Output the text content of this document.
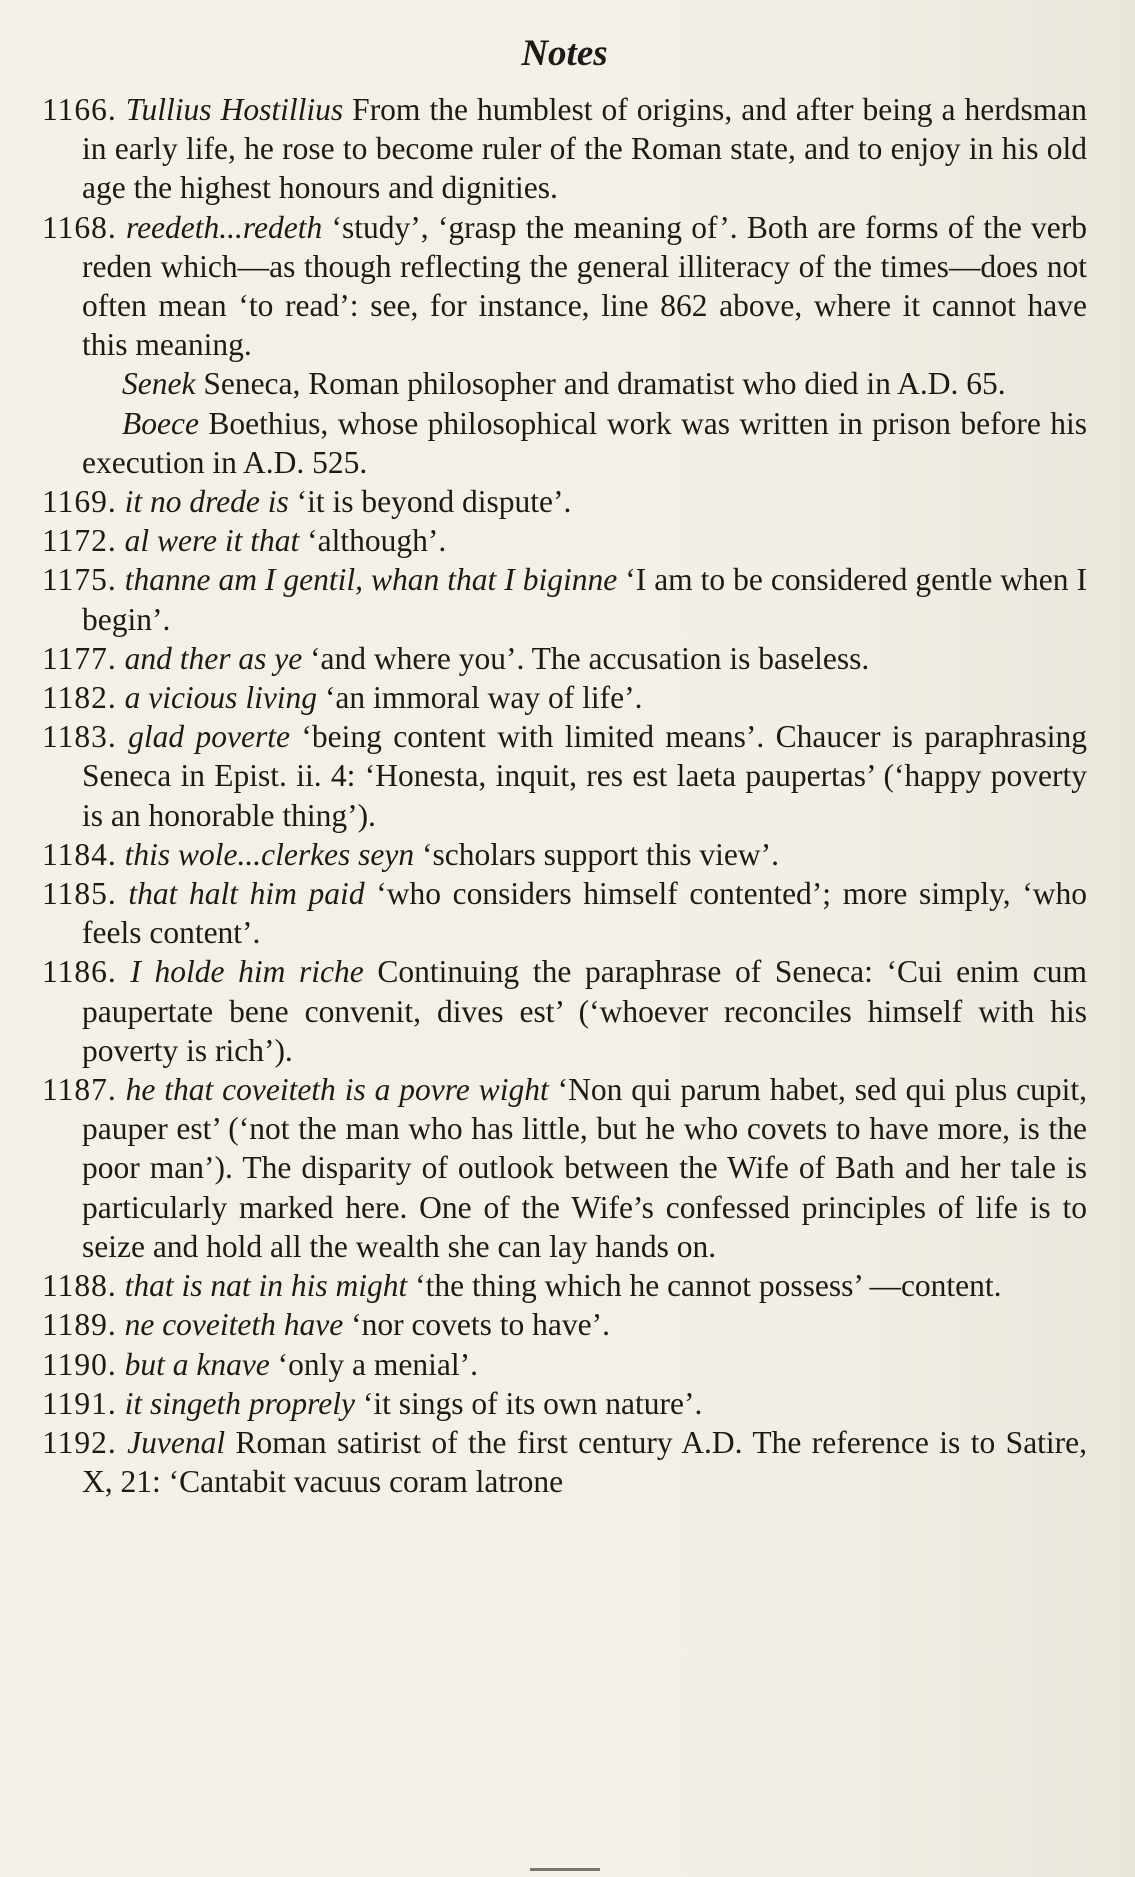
Notes

1166. Tullius Hostillius From the humblest of origins, and after being a herdsman in early life, he rose to become ruler of the Roman state, and to enjoy in his old age the highest honours and dignities.

1168. reedeth...redeth ‘study’, ‘grasp the meaning of’. Both are forms of the verb reden which—as though reflecting the general illiteracy of the times—does not often mean ‘to read’: see, for instance, line 862 above, where it cannot have this meaning.

Senek Seneca, Roman philosopher and dramatist who died in A.D. 65.

Boece Boethius, whose philosophical work was written in prison before his execution in A.D. 525.

1169. it no drede is ‘it is beyond dispute’.

1172. al were it that ‘although’.

1175. thanne am I gentil, whan that I biginne ‘I am to be considered gentle when I begin’.

1177. and ther as ye ‘and where you’. The accusation is baseless.

1182. a vicious living ‘an immoral way of life’.

1183. glad poverte ‘being content with limited means’. Chaucer is paraphrasing Seneca in Epist. ii. 4: ‘Honesta, inquit, res est laeta paupertas’ (‘happy poverty is an honorable thing’).

1184. this wole...clerkes seyn ‘scholars support this view’.

1185. that halt him paid ‘who considers himself contented’; more simply, ‘who feels content’.

1186. I holde him riche Continuing the paraphrase of Seneca: ‘Cui enim cum paupertate bene convenit, dives est’ (‘whoever reconciles himself with his poverty is rich’).

1187. he that coveiteth is a povre wight ‘Non qui parum habet, sed qui plus cupit, pauper est’ (‘not the man who has little, but he who covets to have more, is the poor man’). The disparity of outlook between the Wife of Bath and her tale is particularly marked here. One of the Wife’s confessed principles of life is to seize and hold all the wealth she can lay hands on.

1188. that is nat in his might ‘the thing which he cannot possess’ —content.

1189. ne coveiteth have ‘nor covets to have’.

1190. but a knave ‘only a menial’.

1191. it singeth proprely ‘it sings of its own nature’.

1192. Juvenal Roman satirist of the first century A.D. The reference is to Satire, X, 21: ‘Cantabit vacuus coram latrone
